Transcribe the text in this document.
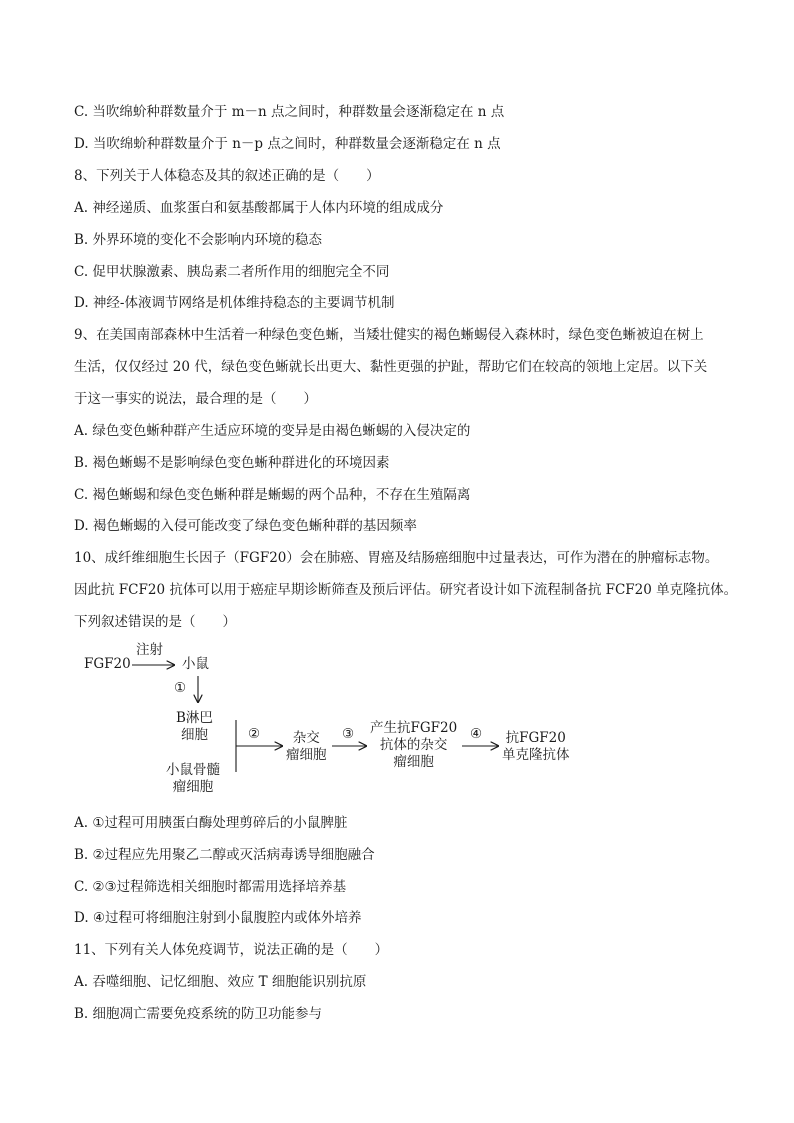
C. 当吹绵蚧种群数量介于 m－n 点之间时，种群数量会逐渐稳定在 n 点
D. 当吹绵蚧种群数量介于 n－p 点之间时，种群数量会逐渐稳定在 n 点
8、下列关于人体稳态及其的叙述正确的是（　　）
A. 神经递质、血浆蛋白和氨基酸都属于人体内环境的组成成分
B. 外界环境的变化不会影响内环境的稳态
C. 促甲状腺激素、胰岛素二者所作用的细胞完全不同
D. 神经-体液调节网络是机体维持稳态的主要调节机制
9、在美国南部森林中生活着一种绿色变色蜥，当矮壮健实的褐色蜥蜴侵入森林时，绿色变色蜥被迫在树上
生活，仅仅经过 20 代，绿色变色蜥就长出更大、黏性更强的护趾，帮助它们在较高的领地上定居。以下关
于这一事实的说法，最合理的是（　　）
A. 绿色变色蜥种群产生适应环境的变异是由褐色蜥蜴的入侵决定的
B. 褐色蜥蜴不是影响绿色变色蜥种群进化的环境因素
C. 褐色蜥蜴和绿色变色蜥种群是蜥蜴的两个品种，不存在生殖隔离
D. 褐色蜥蜴的入侵可能改变了绿色变色蜥种群的基因频率
10、成纤维细胞生长因子（FGF20）会在肺癌、胃癌及结肠癌细胞中过量表达，可作为潜在的肿瘤标志物。
因此抗 FCF20 抗体可以用于癌症早期诊断筛查及预后评估。研究者设计如下流程制备抗 FCF20 单克隆抗体。
下列叙述错误的是（　　）
FGF20
注射
小鼠
①
B淋巴
细胞
小鼠骨髓
瘤细胞
②	杂交
瘤细胞
③ 产生抗FGF20
抗体的杂交
瘤细胞
④ 抗FGF20
单克隆抗体
A. ①过程可用胰蛋白酶处理剪碎后的小鼠脾脏
B. ②过程应先用聚乙二醇或灭活病毒诱导细胞融合
C. ②③过程筛选相关细胞时都需用选择培养基
D. ④过程可将细胞注射到小鼠腹腔内或体外培养
11、下列有关人体免疫调节，说法正确的是（　　）
A. 吞噬细胞、记忆细胞、效应 T 细胞能识别抗原
B. 细胞凋亡需要免疫系统的防卫功能参与
